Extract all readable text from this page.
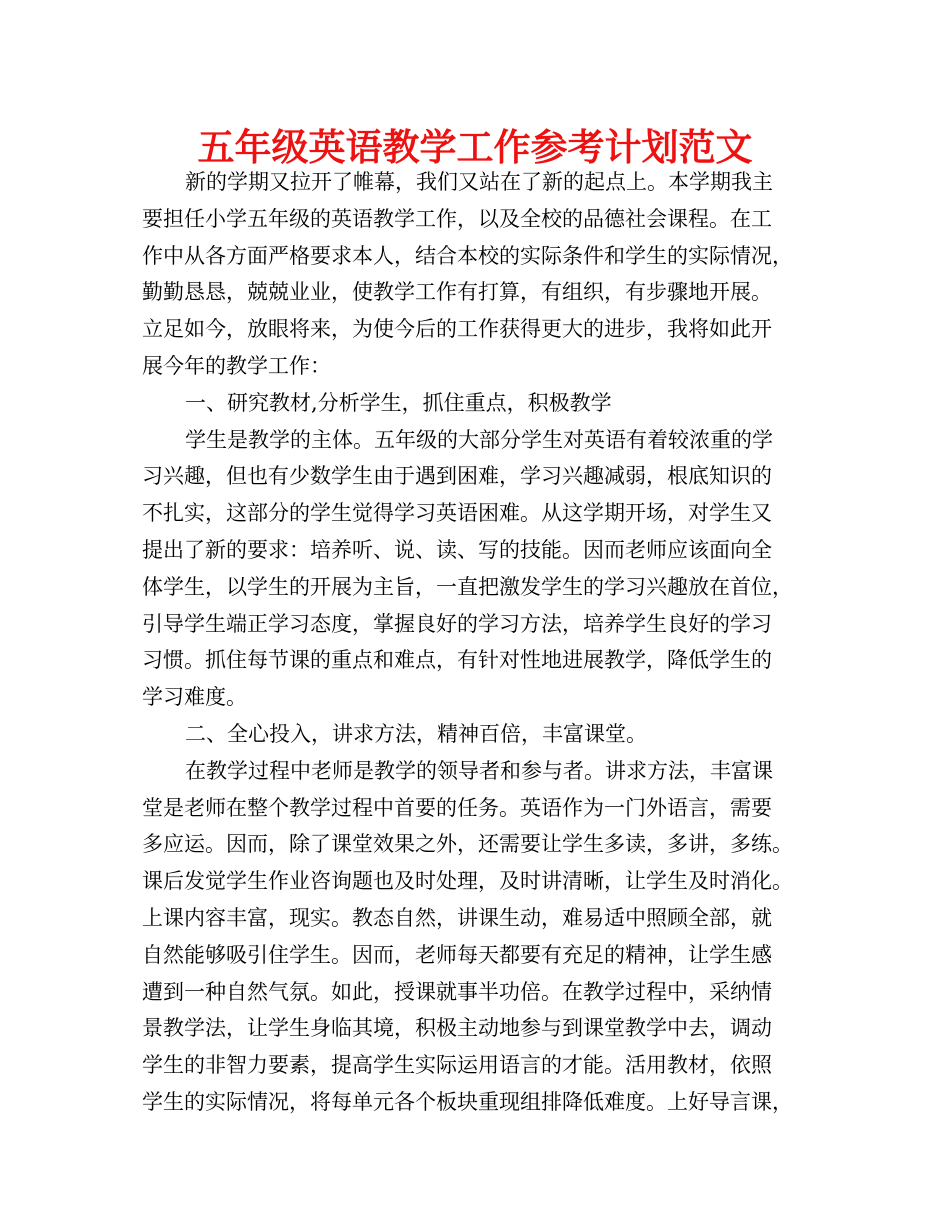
五年级英语教学工作参考计划范文
新的学期又拉开了帷幕，我们又站在了新的起点上。本学期我主
要担任小学五年级的英语教学工作，以及全校的品德社会课程。在工
作中从各方面严格要求本人，结合本校的实际条件和学生的实际情况，
勤勤恳恳，兢兢业业，使教学工作有打算，有组织，有步骤地开展。
立足如今，放眼将来，为使今后的工作获得更大的进步，我将如此开
展今年的教学工作：
一、研究教材,分析学生，抓住重点，积极教学
学生是教学的主体。五年级的大部分学生对英语有着较浓重的学
习兴趣，但也有少数学生由于遇到困难，学习兴趣减弱，根底知识的
不扎实，这部分的学生觉得学习英语困难。从这学期开场，对学生又
提出了新的要求：培养听、说、读、写的技能。因而老师应该面向全
体学生，以学生的开展为主旨，一直把激发学生的学习兴趣放在首位，
引导学生端正学习态度，掌握良好的学习方法，培养学生良好的学习
习惯。抓住每节课的重点和难点，有针对性地进展教学，降低学生的
学习难度。
二、全心投入，讲求方法，精神百倍，丰富课堂。
在教学过程中老师是教学的领导者和参与者。讲求方法，丰富课
堂是老师在整个教学过程中首要的任务。英语作为一门外语言，需要
多应运。因而，除了课堂效果之外，还需要让学生多读，多讲，多练。
课后发觉学生作业咨询题也及时处理，及时讲清晰，让学生及时消化。
上课内容丰富，现实。教态自然，讲课生动，难易适中照顾全部，就
自然能够吸引住学生。因而，老师每天都要有充足的精神，让学生感
遭到一种自然气氛。如此，授课就事半功倍。在教学过程中，采纳情
景教学法，让学生身临其境，积极主动地参与到课堂教学中去，调动
学生的非智力要素，提高学生实际运用语言的才能。活用教材，依照
学生的实际情况，将每单元各个板块重现组排降低难度。上好导言课，
